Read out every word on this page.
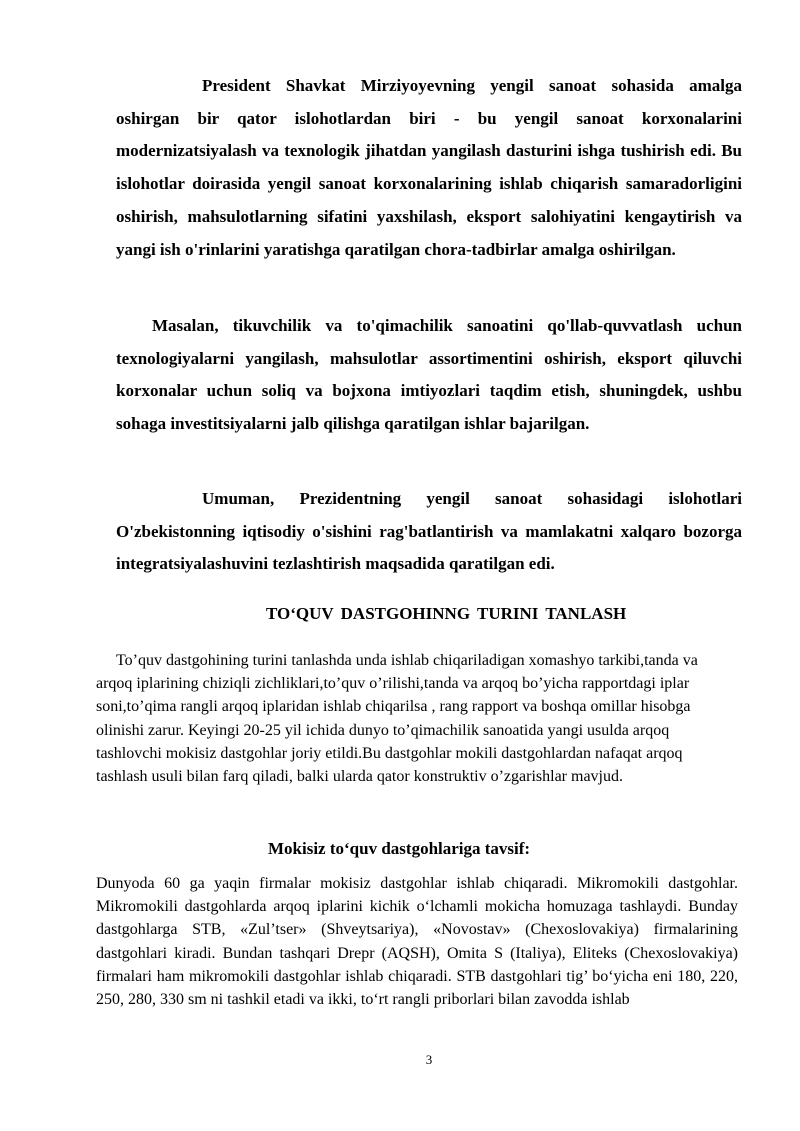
President Shavkat Mirziyoyevning yengil sanoat sohasida amalga oshirgan bir qator islohotlardan biri - bu yengil sanoat korxonalarini modernizatsiyalash va texnologik jihatdan yangilash dasturini ishga tushirish edi. Bu islohotlar doirasida yengil sanoat korxonalarining ishlab chiqarish samaradorligini oshirish, mahsulotlarning sifatini yaxshilash, eksport salohiyatini kengaytirish va yangi ish o'rinlarini yaratishga qaratilgan chora-tadbirlar amalga oshirilgan.

Masalan, tikuvchilik va to'qimachilik sanoatini qo'llab-quvvatlash uchun texnologiyalarni yangilash, mahsulotlar assortimentini oshirish, eksport qiluvchi korxonalar uchun soliq va bojxona imtiyozlari taqdim etish, shuningdek, ushbu sohaga investitsiyalarni jalb qilishga qaratilgan ishlar bajarilgan.

Umuman, Prezidentning yengil sanoat sohasidagi islohotlari O'zbekistonning iqtisodiy o'sishini rag'batlantirish va mamlakatni xalqaro bozorga integratsiyalashuvini tezlashtirish maqsadida qaratilgan edi.

TO‘QUV DASTGOHINNG TURINI TANLASH

To’quv dastgohining turini tanlashda unda ishlab chiqariladigan xomashyo tarkibi,tanda va arqoq iplarining chiziqli zichliklari,to’quv o’rilishi,tanda va arqoq bo’yicha rapportdagi iplar soni,to’qima rangli arqoq iplaridan ishlab chiqarilsa , rang rapport va boshqa omillar hisobga olinishi zarur. Keyingi 20-25 yil ichida dunyo to’qimachilik sanoatida yangi usulda arqoq tashlovchi mokisiz dastgohlar joriy etildi.Bu dastgohlar mokili dastgohlardan nafaqat arqoq tashlash usuli bilan farq qiladi, balki ularda qator konstruktiv o’zgarishlar mavjud.

Mokisiz to‘quv dastgohlariga tavsif:

Dunyoda 60 ga yaqin firmalar mokisiz dastgohlar ishlab chiqaradi. Mikromokili dastgohlar. Mikromokili dastgohlarda arqoq iplarini kichik o‘lchamli mokicha homuzaga tashlaydi. Bunday dastgohlarga STB, «Zul’tser» (Shveytsariya), «Novostav» (Chexoslovakiya) firmalarining dastgohlari kiradi. Bundan tashqari Drepr (AQSH), Omita S (Italiya), Eliteks (Chexoslovakiya) firmalari ham mikromokili dastgohlar ishlab chiqaradi. STB dastgohlari tig’ bo‘yicha eni 180, 220, 250, 280, 330 sm ni tashkil etadi va ikki, to‘rt rangli priborlari bilan zavodda ishlab

3
